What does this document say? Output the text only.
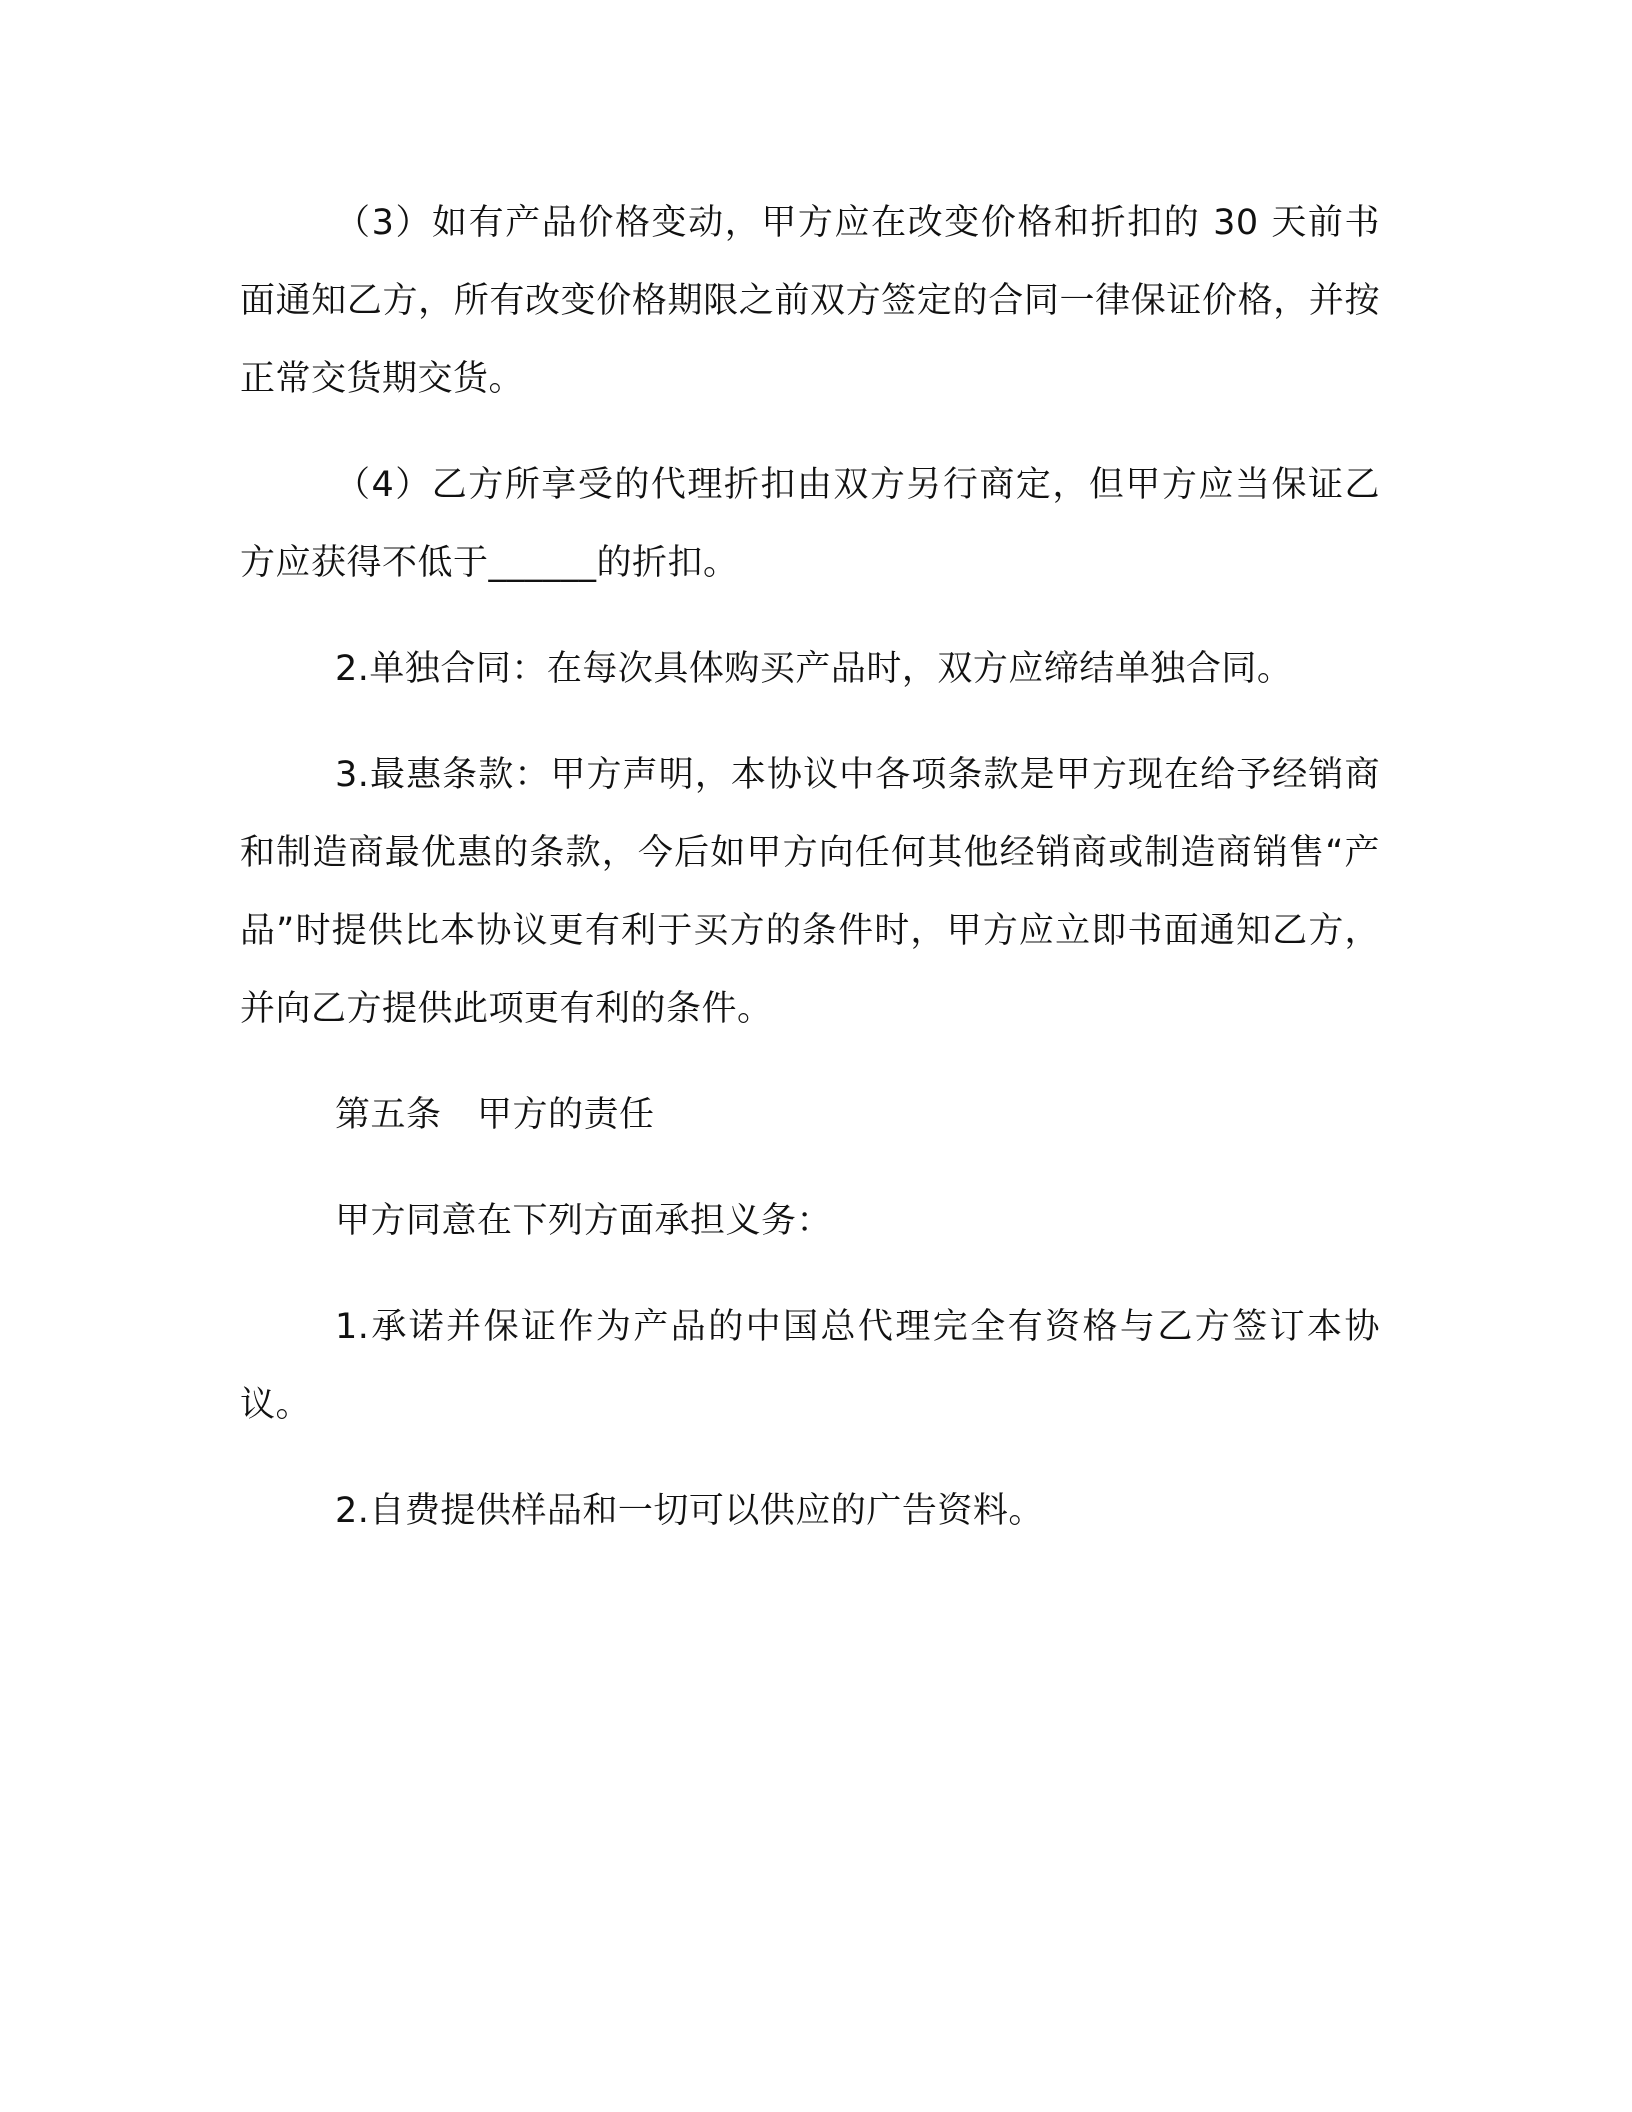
（3）如有产品价格变动，甲方应在改变价格和折扣的 30 天前书面通知乙方，所有改变价格期限之前双方签定的合同一律保证价格，并按正常交货期交货。

（4）乙方所享受的代理折扣由双方另行商定，但甲方应当保证乙方应获得不低于______的折扣。

2.单独合同：在每次具体购买产品时，双方应缔结单独合同。

3.最惠条款：甲方声明，本协议中各项条款是甲方现在给予经销商和制造商最优惠的条款，今后如甲方向任何其他经销商或制造商销售“产品”时提供比本协议更有利于买方的条件时，甲方应立即书面通知乙方，并向乙方提供此项更有利的条件。

第五条　甲方的责任

甲方同意在下列方面承担义务：

1.承诺并保证作为产品的中国总代理完全有资格与乙方签订本协议。

2.自费提供样品和一切可以供应的广告资料。
